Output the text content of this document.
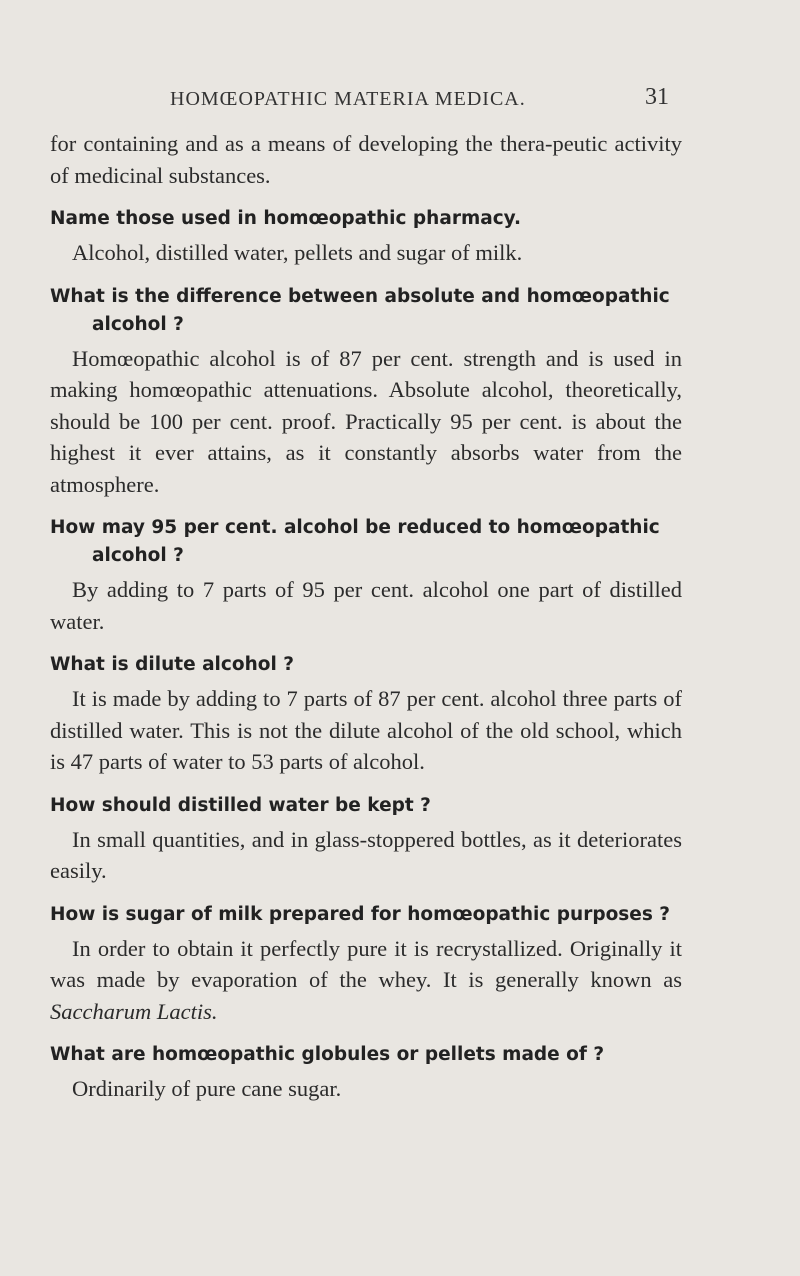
HOMŒOPATHIC MATERIA MEDICA.	31

for containing and as a means of developing the thera-peutic activity of medicinal substances.

Name those used in homœopathic pharmacy.

Alcohol, distilled water, pellets and sugar of milk.

What is the difference between absolute and homœopathic alcohol ?

Homœopathic alcohol is of 87 per cent. strength and is used in making homœopathic attenuations. Absolute alcohol, theoretically, should be 100 per cent. proof. Practically 95 per cent. is about the highest it ever attains, as it constantly absorbs water from the atmosphere.

How may 95 per cent. alcohol be reduced to homœopathic alcohol ?

By adding to 7 parts of 95 per cent. alcohol one part of distilled water.

What is dilute alcohol ?

It is made by adding to 7 parts of 87 per cent. alcohol three parts of distilled water. This is not the dilute alcohol of the old school, which is 47 parts of water to 53 parts of alcohol.

How should distilled water be kept ?

In small quantities, and in glass-stoppered bottles, as it deteriorates easily.

How is sugar of milk prepared for homœopathic purposes ?

In order to obtain it perfectly pure it is recrystallized. Originally it was made by evaporation of the whey. It is generally known as Saccharum Lactis.

What are homœopathic globules or pellets made of ?

Ordinarily of pure cane sugar.
